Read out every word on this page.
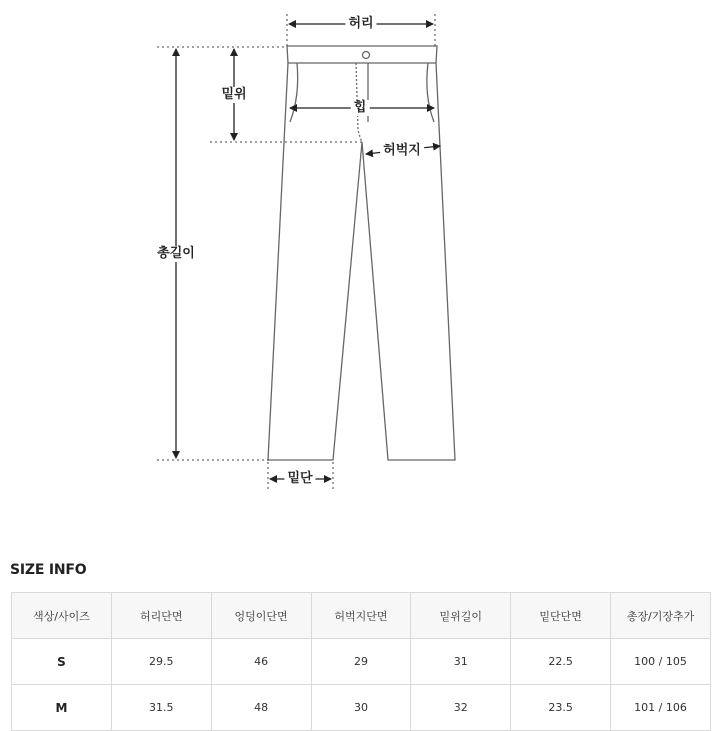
허리
밑위
힙
허벅지
총길이
밑단
SIZE INFO
색상/사이즈	허리단면	엉덩이단면	허벅지단면	밑위길이	밑단단면	총장/기장추가
S	29.5	46	29	31	22.5	100 / 105
M	31.5	48	30	32	23.5	101 / 106
